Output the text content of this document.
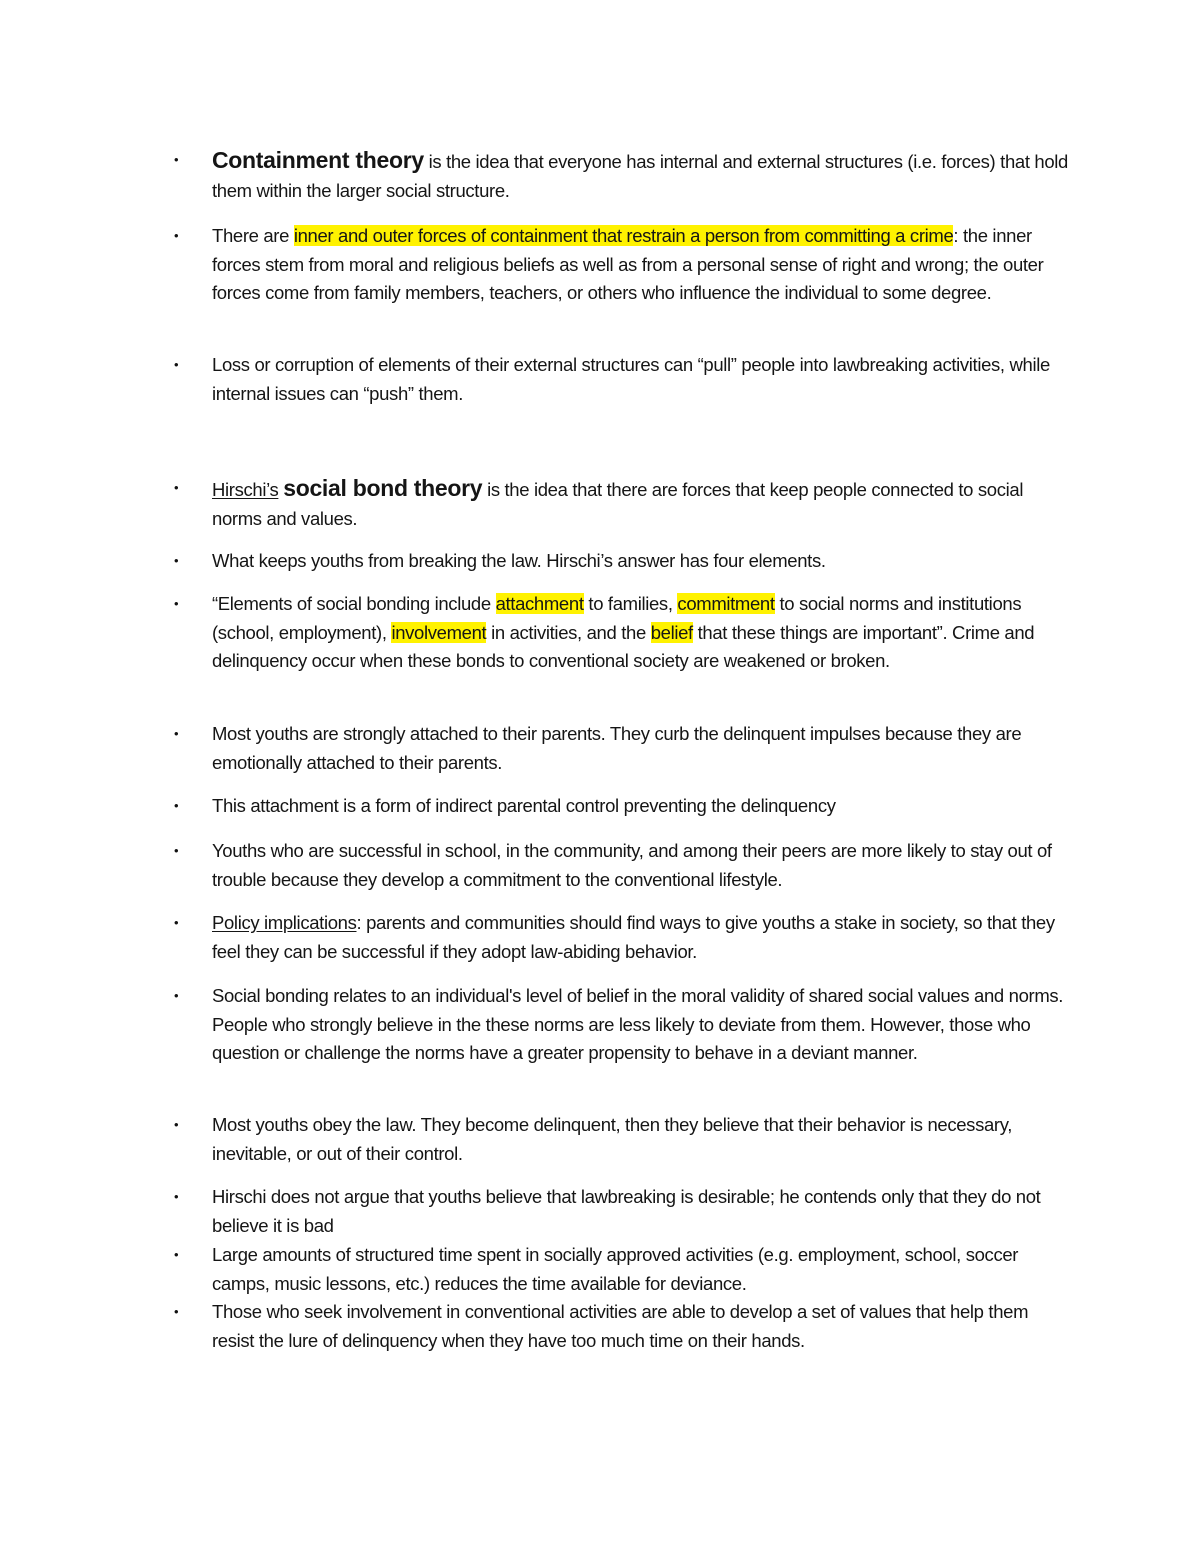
•	Containment theory is the idea that everyone has internal and external structures (i.e. forces) that hold them within the larger social structure.
•	There are inner and outer forces of containment that restrain a person from committing a crime: the inner forces stem from moral and religious beliefs as well as from a personal sense of right and wrong; the outer forces come from family members, teachers, or others who influence the individual to some degree.
•	Loss or corruption of elements of their external structures can “pull” people into lawbreaking activities, while internal issues can “push” them.
•	Hirschi’s social bond theory is the idea that there are forces that keep people connected to social norms and values.
•	What keeps youths from breaking the law. Hirschi’s answer has four elements.
•	“Elements of social bonding include attachment to families, commitment to social norms and institutions (school, employment), involvement in activities, and the belief that these things are important”. Crime and delinquency occur when these bonds to conventional society are weakened or broken.
•	Most youths are strongly attached to their parents. They curb the delinquent impulses because they are emotionally attached to their parents.
•	This attachment is a form of indirect parental control preventing the delinquency
•	Youths who are successful in school, in the community, and among their peers are more likely to stay out of trouble because they develop a commitment to the conventional lifestyle.
•	Policy implications: parents and communities should find ways to give youths a stake in society, so that they feel they can be successful if they adopt law-abiding behavior.
•	Social bonding relates to an individual's level of belief in the moral validity of shared social values and norms. People who strongly believe in the these norms are less likely to deviate from them. However, those who question or challenge the norms have a greater propensity to behave in a deviant manner.
•	Most youths obey the law. They become delinquent, then they believe that their behavior is necessary, inevitable, or out of their control.
•	Hirschi does not argue that youths believe that lawbreaking is desirable; he contends only that they do not believe it is bad
•	Large amounts of structured time spent in socially approved activities (e.g. employment, school, soccer camps, music lessons, etc.) reduces the time available for deviance.
•	Those who seek involvement in conventional activities are able to develop a set of values that help them resist the lure of delinquency when they have too much time on their hands.
